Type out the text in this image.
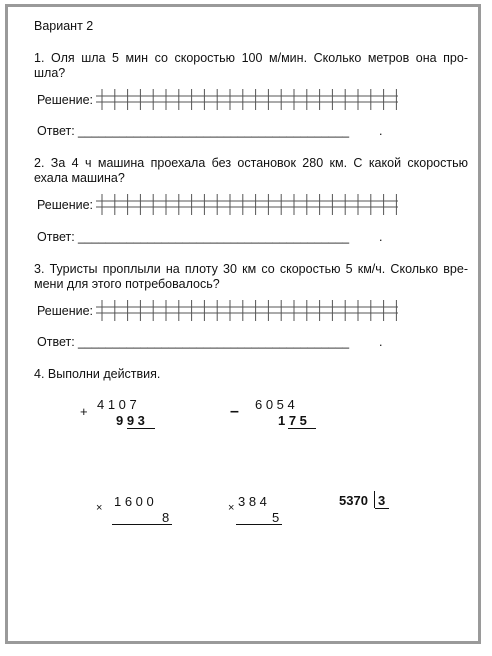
Вариант 2
1. Оля шла 5 мин со скоростью 100 м/мин. Сколько метров она про-
шла?
Решение:
Ответ: _______________________________________ .
2. За 4 ч машина проехала без остановок 280 км. С какой скоростью
ехала машина?
Решение:
Ответ: _______________________________________ .
3. Туристы проплыли на плоту 30 км со скоростью 5 км/ч. Сколько вре-
мени для этого потребовалось?
Решение:
Ответ: _______________________________________ .
4. Выполни действия.
+ 4 1 0 7
9 9 3
– 6 0 5 4
1 7 5
× 1 6 0 0
8
× 3 8 4
5
5370 3
